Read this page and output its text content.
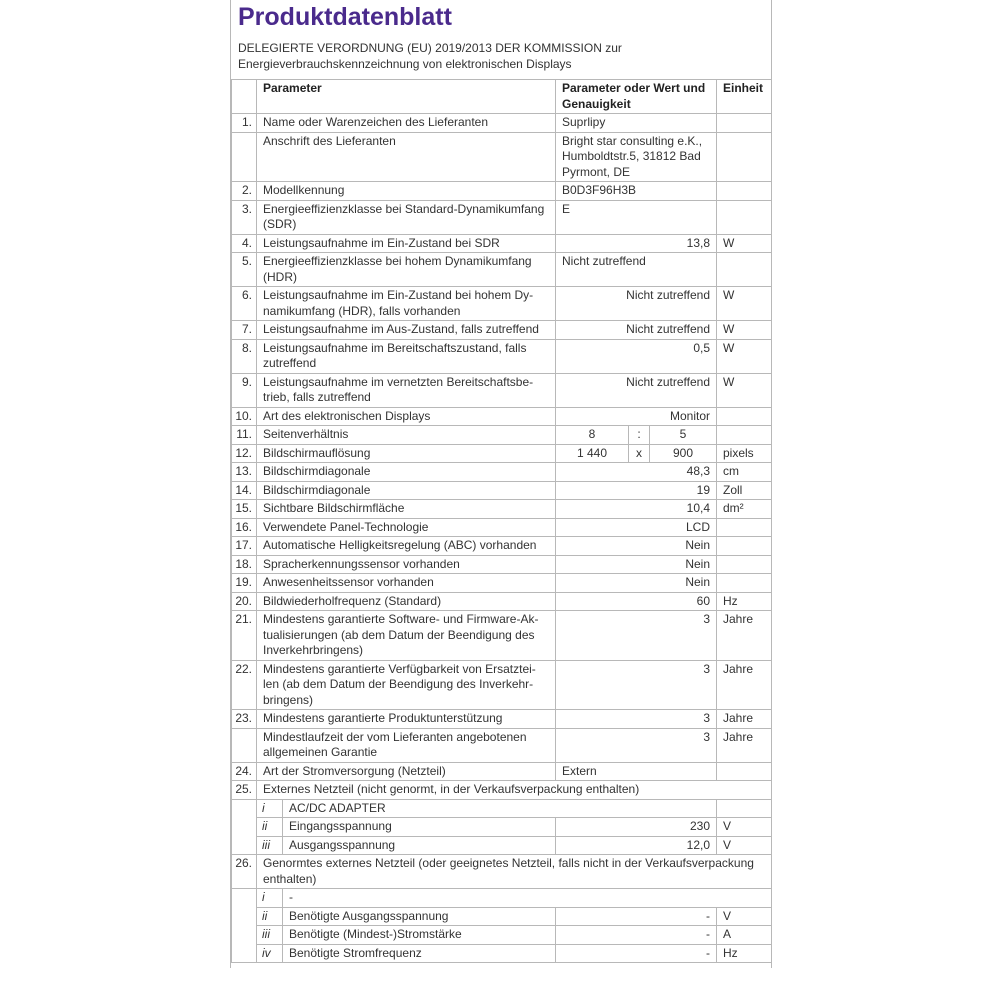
Produktdatenblatt
DELEGIERTE VERORDNUNG (EU) 2019/2013 DER KOMMISSION zur
Energieverbrauchskennzeichnung von elektronischen Displays
	Parameter		Parameter oder Wert und Genauigkeit			Einheit
1.	Name oder Warenzeichen des Lieferanten		Suprlipy			
	Anschrift des Lieferanten		Bright star consulting e.K., Humboldtstr.5, 31812 Bad Pyrmont, DE			
2.	Modellkennung		B0D3F96H3B			
3.	Energieeffizienzklasse bei Standard-Dynamikumfang (SDR)		E			
4.	Leistungsaufnahme im Ein-Zustand bei SDR		13,8			W
5.	Energieeffizienzklasse bei hohem Dynamikumfang (HDR)		Nicht zutreffend			
6.	Leistungsaufnahme im Ein-Zustand bei hohem Dy- namikumfang (HDR), falls vorhanden		Nicht zutreffend			W
7.	Leistungsaufnahme im Aus-Zustand, falls zutreffend		Nicht zutreffend			W
8.	Leistungsaufnahme im Bereitschaftszustand, falls zutreffend		0,5			W
9.	Leistungsaufnahme im vernetzten Bereitschaftsbe- trieb, falls zutreffend		Nicht zutreffend			W
10.	Art des elektronischen Displays		Monitor			
11.	Seitenverhältnis		8	:	5	
12.	Bildschirmauflösung		1 440	x	900	pixels
13.	Bildschirmdiagonale		48,3			cm
14.	Bildschirmdiagonale		19			Zoll
15.	Sichtbare Bildschirmfläche		10,4			dm²
16.	Verwendete Panel-Technologie		LCD			
17.	Automatische Helligkeitsregelung (ABC) vorhanden		Nein			
18.	Spracherkennungssensor vorhanden		Nein			
19.	Anwesenheitssensor vorhanden		Nein			
20.	Bildwiederholfrequenz (Standard)		60			Hz
21.	Mindestens garantierte Software- und Firmware-Ak- tualisierungen (ab dem Datum der Beendigung des Inverkehrbringens)		3			Jahre
22.	Mindestens garantierte Verfügbarkeit von Ersatztei- len (ab dem Datum der Beendigung des Inverkehr- bringens)		3			Jahre
23.	Mindestens garantierte Produktunterstützung		3			Jahre
	Mindestlaufzeit der vom Lieferanten angebotenen allgemeinen Garantie		3			Jahre
24.	Art der Stromversorgung (Netzteil)		Extern			
25.	Externes Netzteil (nicht genormt, in der Verkaufsverpackung enthalten)					
	i	AC/DC ADAPTER				
	ii	Eingangsspannung	230			V
	iii	Ausgangsspannung	12,0			V
26.	Genormtes externes Netzteil (oder geeignetes Netzteil, falls nicht in der Verkaufsverpackung enthalten)					
	i	-				
	ii	Benötigte Ausgangsspannung	-			V
	iii	Benötigte (Mindest-)Stromstärke	-			A
	iv	Benötigte Stromfrequenz	-			Hz
